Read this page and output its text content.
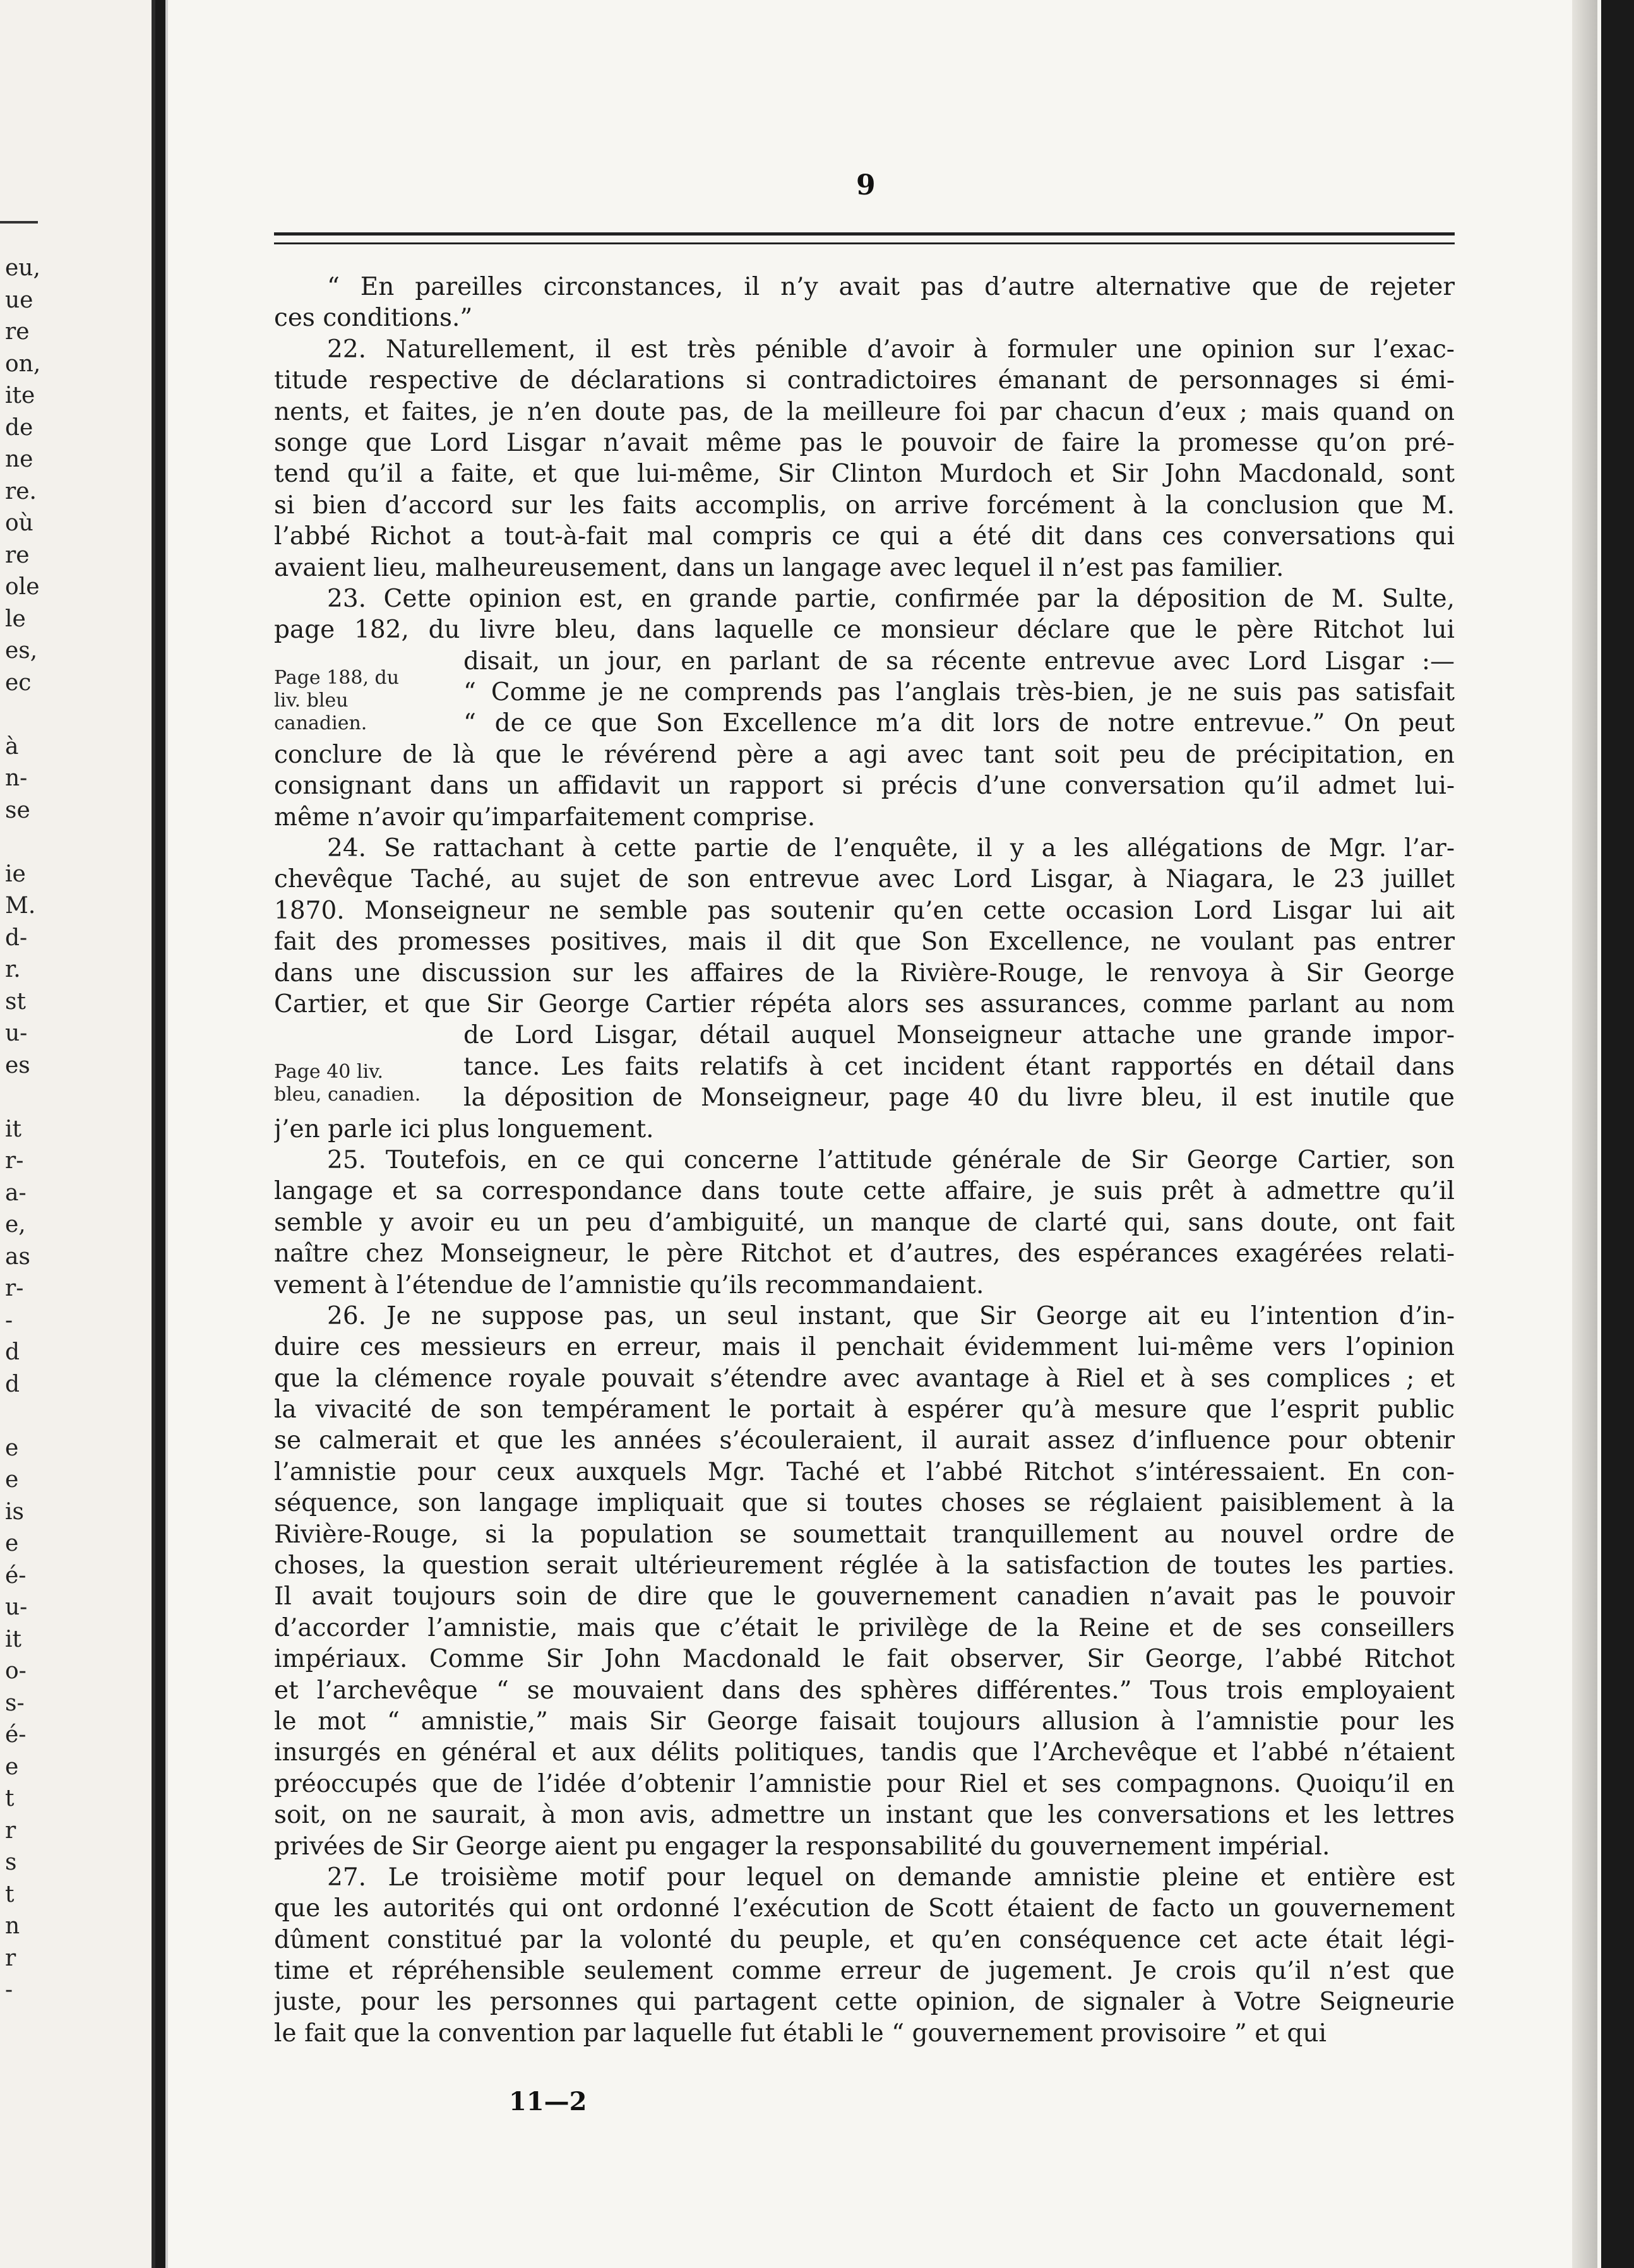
eu,
ue
re
on,
ite
de
ne
re.
où
re
ole
le
es,
ec

à
n-
se

ie
M.
d-
r.
st
u-
es

it
r-
a-
e,
as
r-
-
d
d

e
e
is
e
é-
u-
it
o-
s-
é-
e
t
r
s
t
n
r
-
9
“ En pareilles circonstances, il n’y avait pas d’autre alternative que de rejeter
ces conditions.”
22. Naturellement, il est très pénible d’avoir à formuler une opinion sur l’exac-
titude respective de déclarations si contradictoires émanant de personnages si émi-
nents, et faites, je n’en doute pas, de la meilleure foi par chacun d’eux ; mais quand on
songe que Lord Lisgar n’avait même pas le pouvoir de faire la promesse qu’on pré-
tend qu’il a faite, et que lui-même, Sir Clinton Murdoch et Sir John Macdonald, sont
si bien d’accord sur les faits accomplis, on arrive forcément à la conclusion que M.
l’abbé Richot a tout-à-fait mal compris ce qui a été dit dans ces conversations qui
avaient lieu, malheureusement, dans un langage avec lequel il n’est pas familier.
23. Cette opinion est, en grande partie, confirmée par la déposition de M. Sulte,
page 182, du livre bleu, dans laquelle ce monsieur déclare que le père Ritchot lui
disait, un jour, en parlant de sa récente entrevue avec Lord Lisgar :—
“ Comme je ne comprends pas l’anglais très-bien, je ne suis pas satisfait
“ de ce que Son Excellence m’a dit lors de notre entrevue.” On peut
conclure de là que le révérend père a agi avec tant soit peu de précipitation, en
consignant dans un affidavit un rapport si précis d’une conversation qu’il admet lui-
même n’avoir qu’imparfaitement comprise.
24. Se rattachant à cette partie de l’enquête, il y a les allégations de Mgr. l’ar-
chevêque Taché, au sujet de son entrevue avec Lord Lisgar, à Niagara, le 23 juillet
1870. Monseigneur ne semble pas soutenir qu’en cette occasion Lord Lisgar lui ait
fait des promesses positives, mais il dit que Son Excellence, ne voulant pas entrer
dans une discussion sur les affaires de la Rivière-Rouge, le renvoya à Sir George
Cartier, et que Sir George Cartier répéta alors ses assurances, comme parlant au nom
de Lord Lisgar, détail auquel Monseigneur attache une grande impor-
tance. Les faits relatifs à cet incident étant rapportés en détail dans
la déposition de Monseigneur, page 40 du livre bleu, il est inutile que
j’en parle ici plus longuement.
25. Toutefois, en ce qui concerne l’attitude générale de Sir George Cartier, son
langage et sa correspondance dans toute cette affaire, je suis prêt à admettre qu’il
semble y avoir eu un peu d’ambiguité, un manque de clarté qui, sans doute, ont fait
naître chez Monseigneur, le père Ritchot et d’autres, des espérances exagérées relati-
vement à l’étendue de l’amnistie qu’ils recommandaient.
26. Je ne suppose pas, un seul instant, que Sir George ait eu l’intention d’in-
duire ces messieurs en erreur, mais il penchait évidemment lui-même vers l’opinion
que la clémence royale pouvait s’étendre avec avantage à Riel et à ses complices ; et
la vivacité de son tempérament le portait à espérer qu’à mesure que l’esprit public
se calmerait et que les années s’écouleraient, il aurait assez d’influence pour obtenir
l’amnistie pour ceux auxquels Mgr. Taché et l’abbé Ritchot s’intéressaient. En con-
séquence, son langage impliquait que si toutes choses se réglaient paisiblement à la
Rivière-Rouge, si la population se soumettait tranquillement au nouvel ordre de
choses, la question serait ultérieurement réglée à la satisfaction de toutes les parties.
Il avait toujours soin de dire que le gouvernement canadien n’avait pas le pouvoir
d’accorder l’amnistie, mais que c’était le privilège de la Reine et de ses conseillers
impériaux. Comme Sir John Macdonald le fait observer, Sir George, l’abbé Ritchot
et l’archevêque “ se mouvaient dans des sphères différentes.” Tous trois employaient
le mot “ amnistie,” mais Sir George faisait toujours allusion à l’amnistie pour les
insurgés en général et aux délits politiques, tandis que l’Archevêque et l’abbé n’étaient
préoccupés que de l’idée d’obtenir l’amnistie pour Riel et ses compagnons. Quoiqu’il en
soit, on ne saurait, à mon avis, admettre un instant que les conversations et les lettres
privées de Sir George aient pu engager la responsabilité du gouvernement impérial.
27. Le troisième motif pour lequel on demande amnistie pleine et entière est
que les autorités qui ont ordonné l’exécution de Scott étaient de facto un gouvernement
dûment constitué par la volonté du peuple, et qu’en conséquence cet acte était légi-
time et répréhensible seulement comme erreur de jugement. Je crois qu’il n’est que
juste, pour les personnes qui partagent cette opinion, de signaler à Votre Seigneurie
le fait que la convention par laquelle fut établi le “ gouvernement provisoire ” et qui
Page 188, du
liv. bleu
canadien.
Page 40 liv.
bleu, canadien.
11—2
